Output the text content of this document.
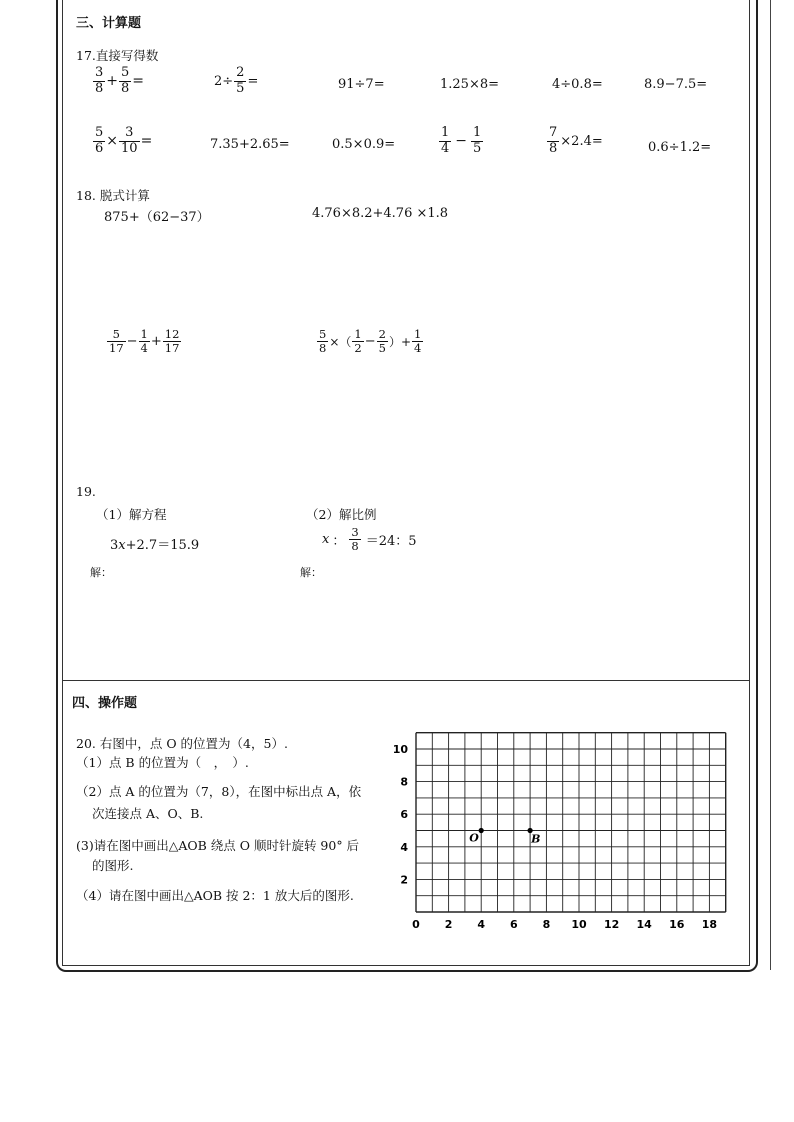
三、计算题
17.直接写得数
$\frac{3}{8} + \frac{5}{8}$ =	$2\div \frac{2}{5}$ =	91÷7=	1.25×8=	4÷0.8=	8.9−7.5=
$\frac{5}{6} \times \frac{3}{10}$ =	7.35+2.65=	0.5×0.9=	$\frac{1}{4} - \frac{1}{5}$	$\frac{7}{8} \times 2.4=$	0.6÷1.2=
18. 脱式计算
875+（62−37）	4.76×8.2+4.76 ×1.8
$\frac{5}{17} - \frac{1}{4} + \frac{12}{17}$	$\frac{5}{8}$ ×（ $\frac{1}{2} - \frac{2}{5}$ ）+ $\frac{1}{4}$
19.
（1）解方程	（2）解比例
3x+2.7＝15.9	x ： $\frac{3}{8} =24$：5
解：	解：
四、操作题
20. 右图中，点 O 的位置为（4，5）.
（1）点 B 的位置为（　，　）.
（2）点 A 的位置为（7，8），在图中标出点 A，依
次连接点 A、O、B.
(3)请在图中画出△AOB 绕点 O 顺时针旋转 90° 后
的图形.
（4）请在图中画出△AOB 按 2：1 放大后的图形.
0 2 4 6 8 10 12 14 16 18
2
4
6
8
10
O	B
